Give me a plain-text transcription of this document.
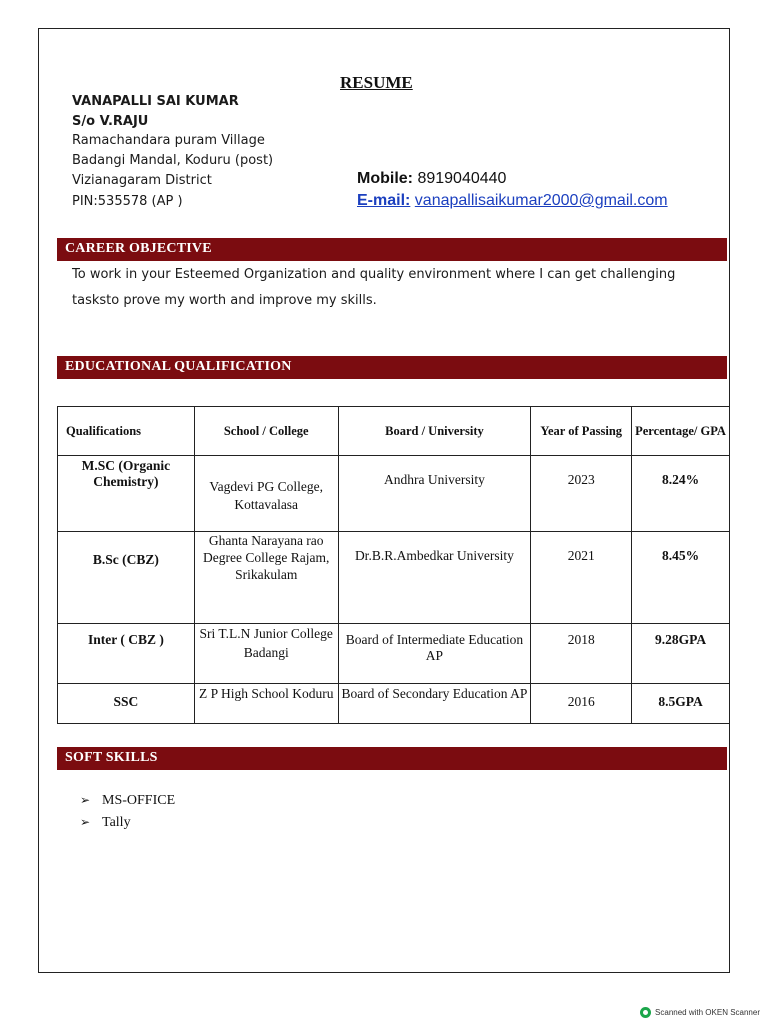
RESUME
VANAPALLI SAI KUMAR
S/o V.RAJU
Ramachandara puram Village
Badangi Mandal, Koduru (post)
Vizianagaram District
PIN:535578 (AP )
Mobile: 8919040440
E-mail: vanapallisaikumar2000@gmail.com
CAREER OBJECTIVE
To work in your Esteemed Organization and quality environment where I can get challenging
tasksto prove my worth and improve my skills.
EDUCATIONAL QUALIFICATION
Qualifications	School / College	Board / University	Year of Passing	Percentage/ GPA
M.SC (Organic Chemistry)	Vagdevi PG College, Kottavalasa	Andhra University	2023	8.24%
B.Sc (CBZ)	Ghanta Narayana rao Degree College Rajam, Srikakulam	Dr.B.R.Ambedkar University	2021	8.45%
Inter ( CBZ )	Sri T.L.N Junior College Badangi	Board of Intermediate Education AP	2018	9.28GPA
SSC	Z P High School Koduru	Board of Secondary Education AP	2016	8.5GPA
SOFT SKILLS
➢ MS-OFFICE
➢ Tally
Scanned with OKEN Scanner
